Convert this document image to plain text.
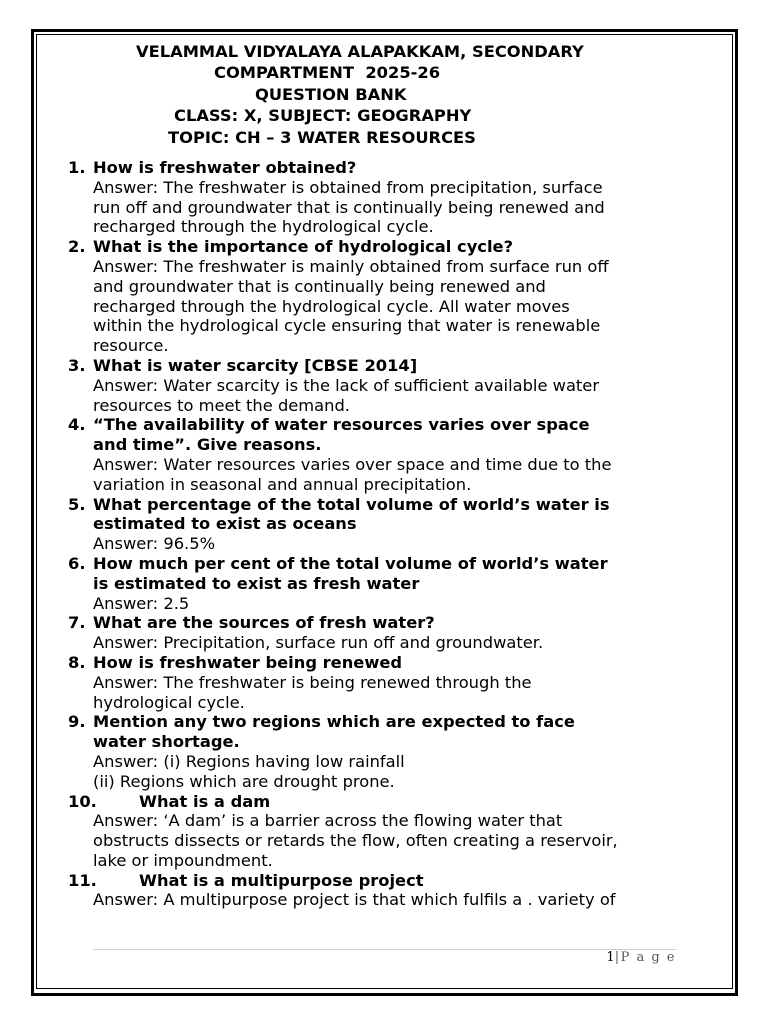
VELAMMAL VIDYALAYA ALAPAKKAM, SECONDARY
COMPARTMENT  2025-26
QUESTION BANK
CLASS: X, SUBJECT: GEOGRAPHY
TOPIC: CH – 3 WATER RESOURCES
1. How is freshwater obtained?
Answer: The freshwater is obtained from precipitation, surface
run off and groundwater that is continually being renewed and
recharged through the hydrological cycle.
2. What is the importance of hydrological cycle?
Answer: The freshwater is mainly obtained from surface run off
and groundwater that is continually being renewed and
recharged through the hydrological cycle. All water moves
within the hydrological cycle ensuring that water is renewable
resource.
3. What is water scarcity [CBSE 2014]
Answer: Water scarcity is the lack of sufficient available water
resources to meet the demand.
4. “The availability of water resources varies over space
and time”. Give reasons.
Answer: Water resources varies over space and time due to the
variation in seasonal and annual precipitation.
5. What percentage of the total volume of world’s water is
estimated to exist as oceans
Answer: 96.5%
6. How much per cent of the total volume of world’s water
is estimated to exist as fresh water
Answer: 2.5
7. What are the sources of fresh water?
Answer: Precipitation, surface run off and groundwater.
8. How is freshwater being renewed
Answer: The freshwater is being renewed through the
hydrological cycle.
9. Mention any two regions which are expected to face
water shortage.
Answer: (i) Regions having low rainfall
(ii) Regions which are drought prone.
10.	What is a dam
Answer: ‘A dam’ is a barrier across the flowing water that
obstructs dissects or retards the flow, often creating a reservoir,
lake or impoundment.
11.	What is a multipurpose project
Answer: A multipurpose project is that which fulfils a . variety of
1|P a g e
